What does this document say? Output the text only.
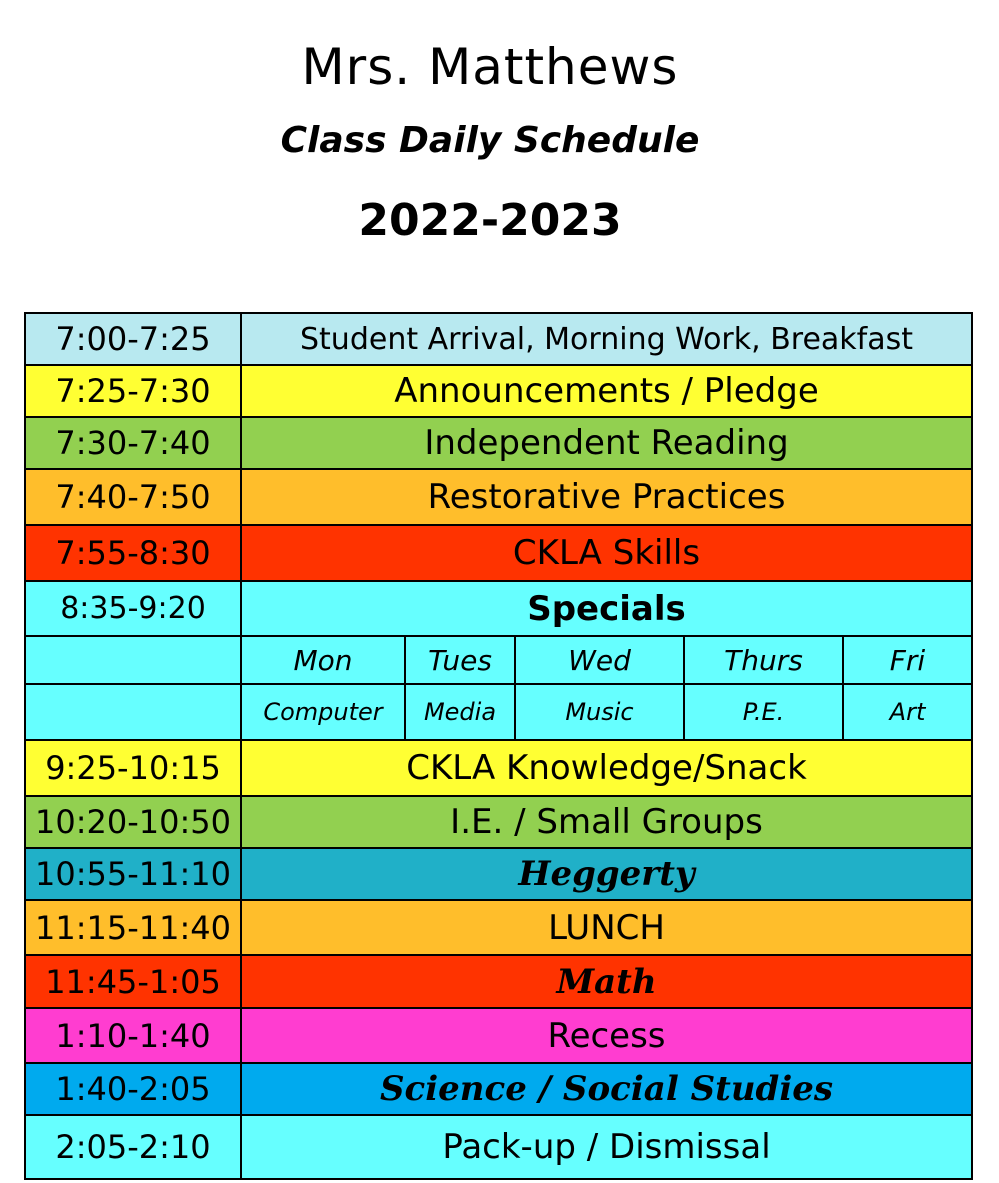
Mrs. Matthews
Class Daily Schedule
2022-2023
7:00-7:25	Student Arrival, Morning Work, Breakfast				
7:25-7:30	Announcements / Pledge				
7:30-7:40	Independent Reading				
7:40-7:50	Restorative Practices				
7:55-8:30	CKLA Skills				
8:35-9:20	Specials				
	Mon	Tues	Wed	Thurs	Fri
	Computer	Media	Music	P.E.	Art
9:25-10:15	CKLA Knowledge/Snack				
10:20-10:50	I.E. / Small Groups				
10:55-11:10	Heggerty				
11:15-11:40	LUNCH				
11:45-1:05	Math				
1:10-1:40	Recess				
1:40-2:05	Science / Social Studies				
2:05-2:10	Pack-up / Dismissal				
